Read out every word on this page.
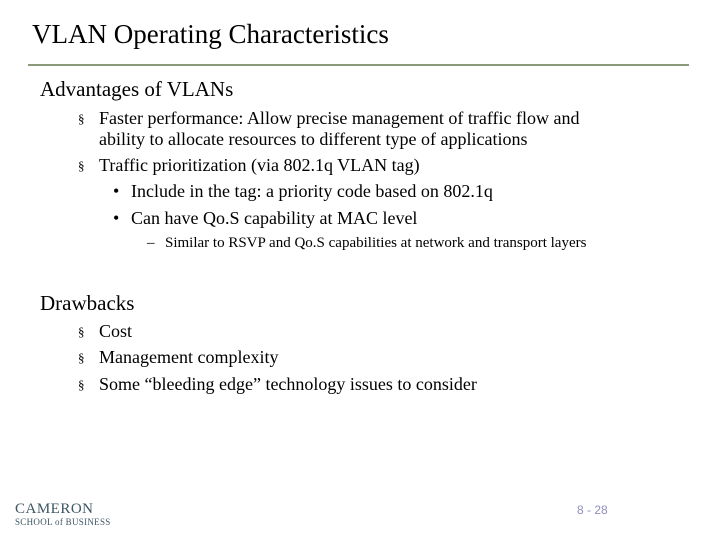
VLAN Operating Characteristics
Advantages of VLANs
§ Faster performance: Allow precise management of traffic flow and
ability to allocate resources to different type of applications
§ Traffic prioritization (via 802.1q VLAN tag)
• Include in the tag: a priority code based on 802.1q
• Can have Qo.S capability at MAC level
– Similar to RSVP and Qo.S capabilities at network and transport layers
Drawbacks
§ Cost
§ Management complexity
§ Some “bleeding edge” technology issues to consider
CAMERON
SCHOOL of BUSINESS
8 - 28
